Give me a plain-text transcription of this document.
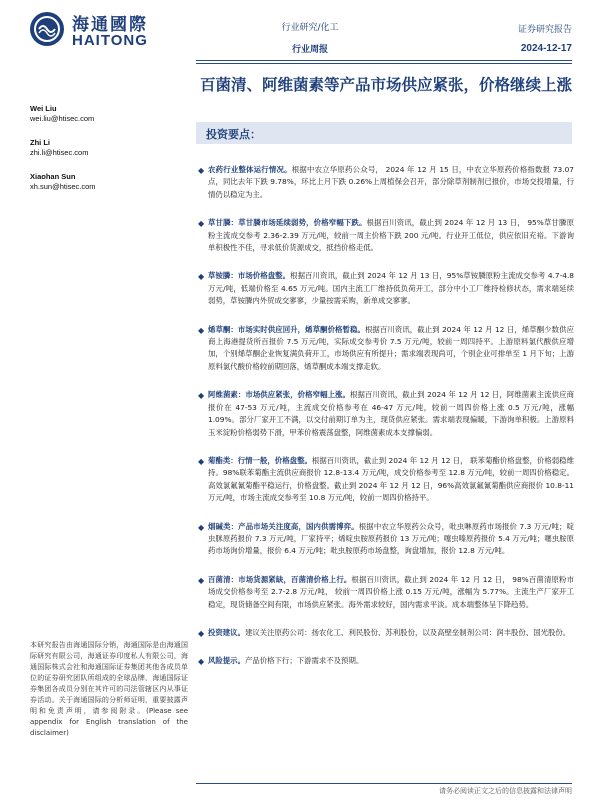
海通國際
HAITONG
行业研究/化工
行业周报
证券研究报告
2024-12-17
百菌清、阿维菌素等产品市场供应紧张，价格继续上涨
Wei Liu
wei.liu@htisec.com
Zhi Li
zhi.li@htisec.com
Xiaohan Sun
xh.sun@htisec.com
投资要点：
◆ 农药行业整体运行情况。根据中农立华原药公众号， 2024 年 12 月 15 日，中农立华原药价格指数报 73.07 点，同比去年下跌 9.78%，环比上月下跌 0.26%上周植保会召开，部分除草剂制剂已报价，市场交投增量，行情仍以稳定为主。
◆ 草甘膦：草甘膦市场延续弱势，价格窄幅下跌。根据百川资讯，截止到 2024 年 12 月 13 日， 95%草甘膦原粉主流成交参考 2.36-2.39 万元/吨，较前一周主价格下跌 200 元/吨。行业开工低位，供应依旧充裕。下游询单积极性不佳，寻求低价货源成交，抵挡价格走低。
◆ 草铵膦：市场价格盘整。根据百川资讯，截止到 2024 年 12 月 13 日，95%草铵膦原粉主流成交参考 4.7-4.8 万元/吨，低端价格至 4.65 万元/吨。国内主流工厂维持低负荷开工，部分中小工厂维持检修状态，需求端延续弱势，草铵膦内外贸成交寥寥，少量按需采购，新单成交寥寥。
◆ 烯草酮：市场实时供应回升，烯草酮价格暂稳。根据百川资讯，截止到 2024 年 12 月 12 日，烯草酮少数供应商上海港提货所百报价 7.5 万元/吨，实际成交参考价 7.5 万元/吨，较前一周四持平。上游原料氯代酸供应增加，个别烯草酮企业恢复满负荷开工，市场供应有所提升；需求端表现尚可，个别企业可排单至 1 月下旬；上游原料氯代酸价格较前期回落，烯草酮成本端支撑走软。
◆ 阿维菌素：市场供应紧张，价格窄幅上涨。根据百川资讯，截止到 2024 年 12 月 12 日，阿维菌素主流供应商报价在 47-53 万元/吨，主流成交价格参考在 46-47 万元/吨，较前一周四价格上涨 0.5 万元/吨，涨幅 1.09%。部分厂家开工不满，以交付前期订单为主，现货供应紧张。需求端表现偏暖，下游询单积极。上游原料玉米淀粉价格弱势下滑，甲苯价格震荡盘整，阿维菌素成本支撑偏弱。
◆ 菊酯类：行情一般，价格盘整。根据百川资讯，截止到 2024 年 12 月 12 日， 联苯菊酯价格盘整，价格弱稳维持。98%联苯菊酯主流供应商报价 12.8-13.4 万元/吨，成交价格参考至 12.8 万元/吨，较前一周四价格稳定。高效氯氟氰菊酯平稳运行，价格盘整。截止到 2024 年 12 月 12 日，96%高效氯氟氰菊酯供应商报价 10.8-11 万元/吨，市场主流成交参考至 10.8 万元/吨，较前一周四价格持平。
◆ 烟碱类：产品市场关注度高，国内供需博弈。根据中农立华原药公众号，吡虫啉原药市场报价 7.3 万元/吨；啶虫脒原药报价 7.3 万元/吨，厂家持平；烯啶虫胺原药报价 13 万元/吨；噻虫嗪原药报价 5.4 万元/吨；噻虫胺原药市场询价增量，报价 6.4 万元/吨；吡虫胺原药市场盘整，询盘增加，报价 12.8 万元/吨。
◆ 百菌清：市场货源紧缺，百菌清价格上行。根据百川资讯，截止到 2024 年 12 月 12 日， 98%百菌清原粉市场成交价格参考至 2.7-2.8 万元/吨， 较前一周四价格上涨 0.15 万元/吨，涨幅为 5.77%。主流生产厂家开工稳定，现货储备空间有限，市场供应紧张。海外需求较好，国内需求平淡。成本端整体呈下降趋势。
◆ 投资建议。建议关注原药公司：扬农化工、利民股份、苏利股份，以及高壁垒制剂公司：润丰股份、国光股份。
◆ 风险提示。产品价格下行；下游需求不及预期。
本研究报告由海通国际分销，海通国际是由海通国际研究有限公司，海通证券印度私人有限公司，海通国际株式会社和海通国际证券集团其他各成员单位的证券研究团队所组成的全球品牌，海通国际证券集团各成员分别在其许可的司法管辖区内从事证券活动。关于海通国际的分析师证明，重要披露声明和免责声明，请参阅附录。(Please see appendix for English translation of the disclaimer)
请务必阅读正文之后的信息披露和法律声明
